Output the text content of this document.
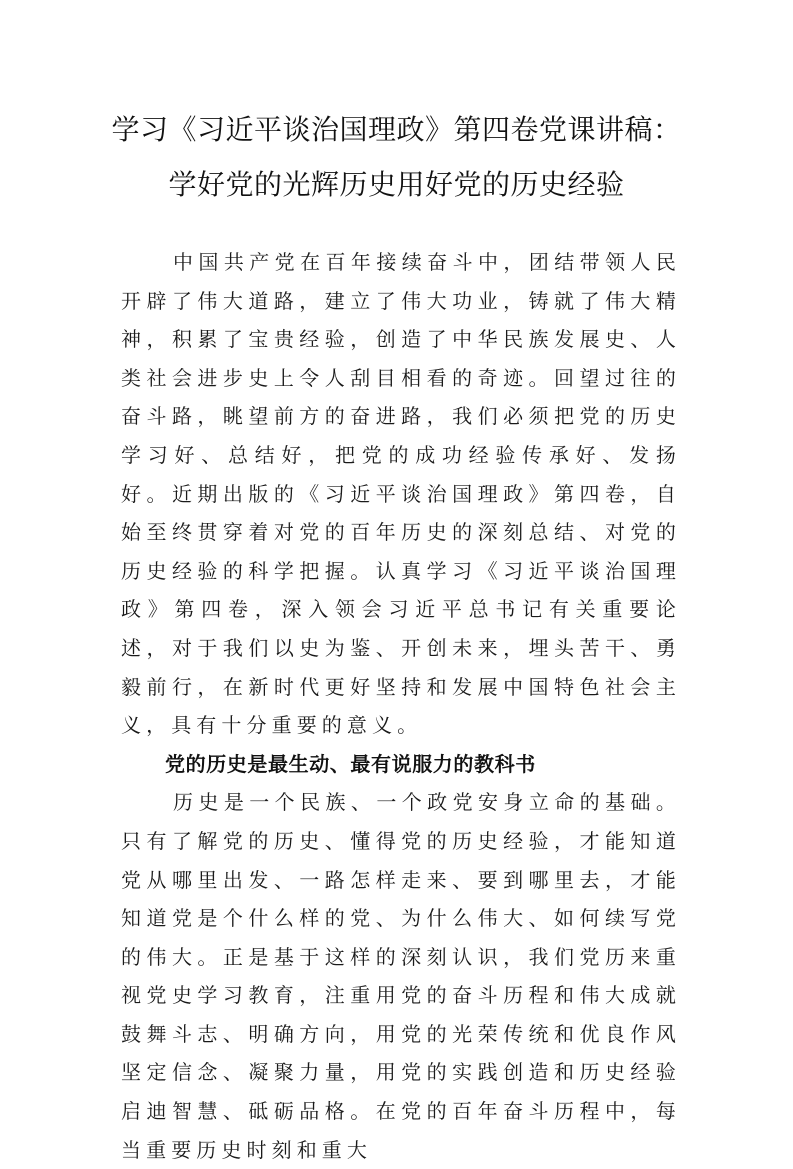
学习《习近平谈治国理政》第四卷党课讲稿：
学好党的光辉历史用好党的历史经验

中国共产党在百年接续奋斗中，团结带领人民开辟了伟大道路，建立了伟大功业，铸就了伟大精神，积累了宝贵经验，创造了中华民族发展史、人类社会进步史上令人刮目相看的奇迹。回望过往的奋斗路，眺望前方的奋进路，我们必须把党的历史学习好、总结好，把党的成功经验传承好、发扬好。近期出版的《习近平谈治国理政》第四卷，自始至终贯穿着对党的百年历史的深刻总结、对党的历史经验的科学把握。认真学习《习近平谈治国理政》第四卷，深入领会习近平总书记有关重要论述，对于我们以史为鉴、开创未来，埋头苦干、勇毅前行，在新时代更好坚持和发展中国特色社会主义，具有十分重要的意义。

党的历史是最生动、最有说服力的教科书

历史是一个民族、一个政党安身立命的基础。只有了解党的历史、懂得党的历史经验，才能知道党从哪里出发、一路怎样走来、要到哪里去，才能知道党是个什么样的党、为什么伟大、如何续写党的伟大。正是基于这样的深刻认识，我们党历来重视党史学习教育，注重用党的奋斗历程和伟大成就鼓舞斗志、明确方向，用党的光荣传统和优良作风坚定信念、凝聚力量，用党的实践创造和历史经验启迪智慧、砥砺品格。在党的百年奋斗历程中，每当重要历史时刻和重大
